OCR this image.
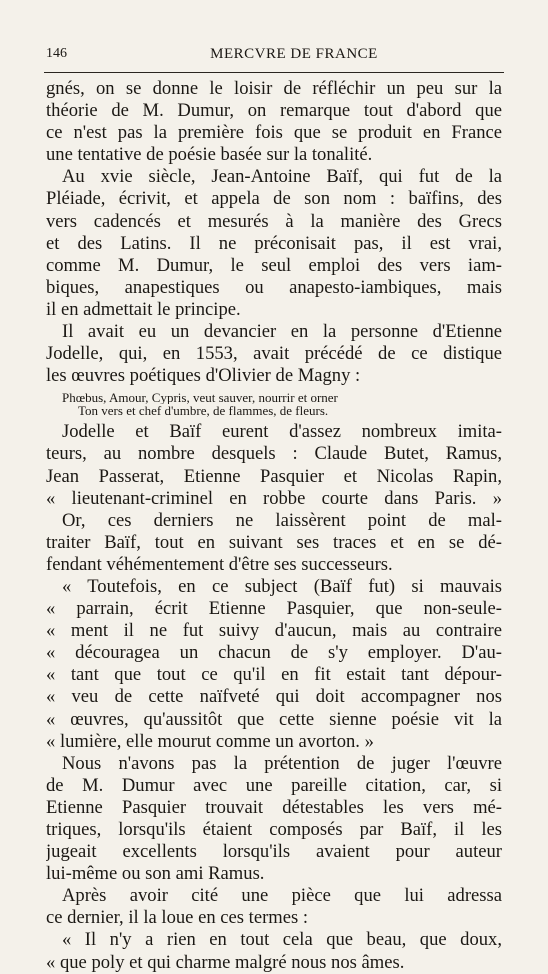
146	MERCVRE DE FRANCE
gnés, on se donne le loisir de réfléchir un peu sur la
théorie de M. Dumur, on remarque tout d'abord que
ce n'est pas la première fois que se produit en France
une tentative de poésie basée sur la tonalité.
Au xvie siècle, Jean-Antoine Baïf, qui fut de la
Pléiade, écrivit, et appela de son nom : baïfins, des
vers cadencés et mesurés à la manière des Grecs
et des Latins. Il ne préconisait pas, il est vrai,
comme M. Dumur, le seul emploi des vers iam-
biques, anapestiques ou anapesto-iambiques, mais
il en admettait le principe.
Il avait eu un devancier en la personne d'Etienne
Jodelle, qui, en 1553, avait précédé de ce distique
les œuvres poétiques d'Olivier de Magny :
Phœbus, Amour, Cypris, veut sauver, nourrir et orner
Ton vers et chef d'umbre, de flammes, de fleurs.
Jodelle et Baïf eurent d'assez nombreux imita-
teurs, au nombre desquels : Claude Butet, Ramus,
Jean Passerat, Etienne Pasquier et Nicolas Rapin,
« lieutenant-criminel en robbe courte dans Paris. »
Or, ces derniers ne laissèrent point de mal-
traiter Baïf, tout en suivant ses traces et en se dé-
fendant véhémentement d'être ses successeurs.
« Toutefois, en ce subject (Baïf fut) si mauvais
« parrain, écrit Etienne Pasquier, que non-seule-
« ment il ne fut suivy d'aucun, mais au contraire
« découragea un chacun de s'y employer. D'au-
« tant que tout ce qu'il en fit estait tant dépour-
« veu de cette naïfveté qui doit accompagner nos
« œuvres, qu'aussitôt que cette sienne poésie vit la
« lumière, elle mourut comme un avorton. »
Nous n'avons pas la prétention de juger l'œuvre
de M. Dumur avec une pareille citation, car, si
Etienne Pasquier trouvait détestables les vers mé-
triques, lorsqu'ils étaient composés par Baïf, il les
jugeait excellents lorsqu'ils avaient pour auteur
lui-même ou son ami Ramus.
Après avoir cité une pièce que lui adressa
ce dernier, il la loue en ces termes :
« Il n'y a rien en tout cela que beau, que doux,
« que poly et qui charme malgré nous nos âmes.
